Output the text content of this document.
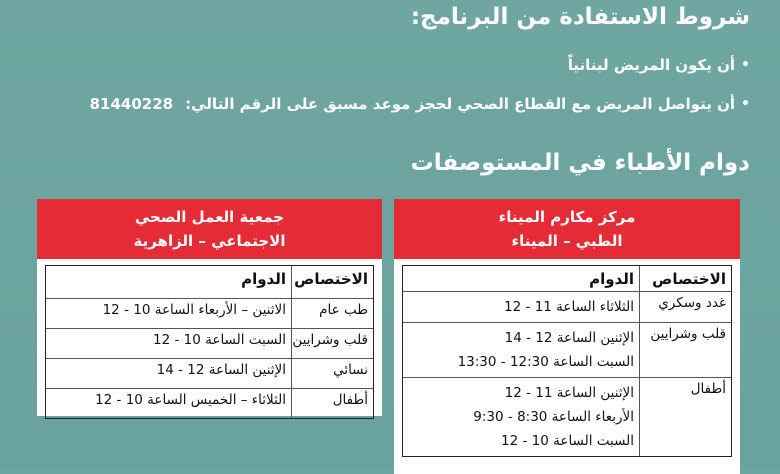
شروط الاستفادة من البرنامج:
•
أن يكون المريض لبنانياً
•
أن يتواصل المريض مع القطاع الصحي لحجز موعد مسبق على الرقم التالي:
81440228
دوام الأطباء في المستوصفات
مركز مكارم الميناء
الطبي – الميناء
الاختصاص
الدوام
غدد وسكري
الثلاثاء الساعة 11 - 12
قلب وشرايين
الإثنين الساعة 12 - 14
السبت الساعة 12:30 - 13:30
أطفال
الإثنين الساعة 11 - 12
الأربعاء الساعة 8:30 - 9:30
السبت الساعة 10 - 12
جمعية العمل الصحي
الاجتماعي – الزاهرية
الاختصاص
الدوام
طب عام
الاثنين – الأربعاء الساعة 10 - 12
قلب وشرايين
السبت الساعة 10 - 12
نسائي
الإثنين الساعة 12 - 14
أطفال
الثلاثاء – الخميس الساعة 10 - 12
